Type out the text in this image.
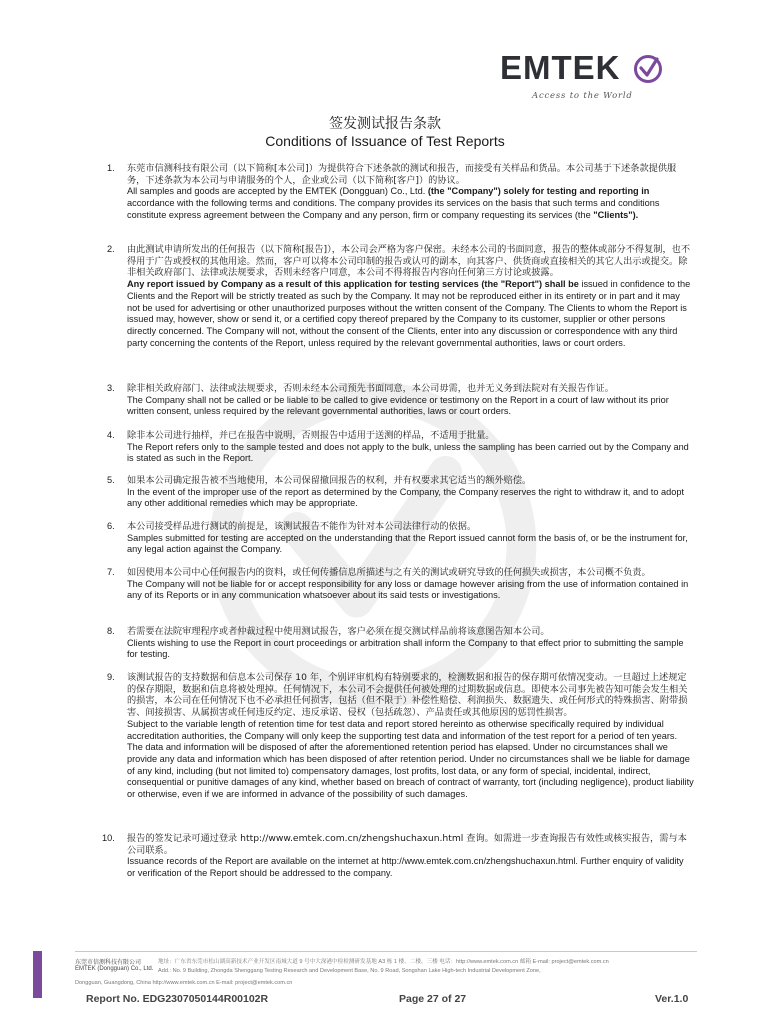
EMTEK
Access to the World
签发测试报告条款
Conditions of Issuance of Test Reports
1. 东莞市信测科技有限公司（以下简称[本公司]）为提供符合下述条款的测试和报告，而接受有关样品和货品。本公司基于下述条款提供服务，下述条款为本公司与申请服务的个人，企业或公司（以下简称[客户]）的协议。
All samples and goods are accepted by the EMTEK (Dongguan) Co., Ltd. (the "Company") solely for testing and reporting in accordance with the following terms and conditions. The company provides its services on the basis that such terms and conditions constitute express agreement between the Company and any person, firm or company requesting its services (the "Clients").
2. 由此测试申请所发出的任何报告（以下简称[报告]），本公司会严格为客户保密。未经本公司的书面同意，报告的整体或部分不得复制，也不得用于广告或授权的其他用途。然而，客户可以将本公司印制的报告或认可的副本，向其客户、供货商或直接相关的其它人出示或提交。除非相关政府部门、法律或法规要求，否则未经客户同意，本公司不得将报告内容向任何第三方讨论或披露。
Any report issued by Company as a result of this application for testing services (the "Report") shall be issued in confidence to the Clients and the Report will be strictly treated as such by the Company. It may not be reproduced either in its entirety or in part and it may not be used for advertising or other unauthorized purposes without the written consent of the Company. The Clients to whom the Report is issued may, however, show or send it, or a certified copy thereof prepared by the Company to its customer, supplier or other persons directly concerned. The Company will not, without the consent of the Clients, enter into any discussion or correspondence with any third party concerning the contents of the Report, unless required by the relevant governmental authorities, laws or court orders.
3. 除非相关政府部门、法律或法规要求，否则未经本公司预先书面同意，本公司毋需，也并无义务到法院对有关报告作证。
The Company shall not be called or be liable to be called to give evidence or testimony on the Report in a court of law without its prior written consent, unless required by the relevant governmental authorities, laws or court orders.
4. 除非本公司进行抽样，并已在报告中说明，否则报告中适用于送测的样品，不适用于批量。
The Report refers only to the sample tested and does not apply to the bulk, unless the sampling has been carried out by the Company and is stated as such in the Report.
5. 如果本公司确定报告被不当地使用，本公司保留撤回报告的权利，并有权要求其它适当的额外赔偿。
In the event of the improper use of the report as determined by the Company, the Company reserves the right to withdraw it, and to adopt any other additional remedies which may be appropriate.
6. 本公司接受样品进行测试的前提是，该测试报告不能作为针对本公司法律行动的依据。
Samples submitted for testing are accepted on the understanding that the Report issued cannot form the basis of, or be the instrument for, any legal action against the Company.
7. 如因使用本公司中心任何报告内的资料，或任何传播信息所描述与之有关的测试或研究导致的任何损失或损害，本公司概不负责。
The Company will not be liable for or accept responsibility for any loss or damage however arising from the use of information contained in any of its Reports or in any communication whatsoever about its said tests or investigations.
8. 若需要在法院审理程序或者仲裁过程中使用测试报告，客户必须在提交测试样品前将该意图告知本公司。
Clients wishing to use the Report in court proceedings or arbitration shall inform the Company to that effect prior to submitting the sample for testing.
9. 该测试报告的支持数据和信息本公司保存 10 年，个别评审机构有特别要求的，检测数据和报告的保存期可依情况变动。一旦超过上述规定的保存期限，数据和信息将被处理掉。任何情况下，本公司不会提供任何被处理的过期数据或信息。即使本公司事先被告知可能会发生相关的损害，本公司在任何情况下也不必承担任何损害，包括（但不限于）补偿性赔偿、利润损失、数据遗失、或任何形式的特殊损害、附带损害、间接损害、从属损害或任何违反约定、违反承诺、侵权（包括疏忽）、产品责任或其他原因的惩罚性损害。
Subject to the variable length of retention time for test data and report stored hereinto as otherwise specifically required by individual accreditation authorities, the Company will only keep the supporting test data and information of the test report for a period of ten years. The data and information will be disposed of after the aforementioned retention period has elapsed. Under no circumstances shall we provide any data and information which has been disposed of after retention period. Under no circumstances shall we be liable for damage of any kind, including (but not limited to) compensatory damages, lost profits, lost data, or any form of special, incidental, indirect, consequential or punitive damages of any kind, whether based on breach of contract of warranty, tort (including negligence), product liability or otherwise, even if we are informed in advance of the possibility of such damages.
10. 报告的签发记录可通过登录 http://www.emtek.com.cn/zhengshuchaxun.html 查询。如需进一步查询报告有效性或核实报告，需与本公司联系。
Issuance records of the Report are available on the internet at http://www.emtek.com.cn/zhengshuchaxun.html. Further enquiry of validity or verification of the Report should be addressed to the company.
东莞市信测科技有限公司
EMTEK (Dongguan) Co., Ltd.
地址：广东省东莞市松山湖高新技术产业开发区南城大道 9 号中大深港中检检测研发基地 A3 栋 1 楼、二楼、三楼 电话：http://www.emtek.com.cn 邮箱 E-mail: project@emtek.com.cn
Add.: No. 9 Building, Zhongda Shenggang Testing Research and Development Base, No. 9 Road, Songshan Lake High-tech Industrial Development Zone,
Dongguan, Guangdong, China http://www.emtek.com.cn E-mail: project@emtek.com.cn
Report No. EDG2307050144R00102R	Page 27 of 27	Ver.1.0
